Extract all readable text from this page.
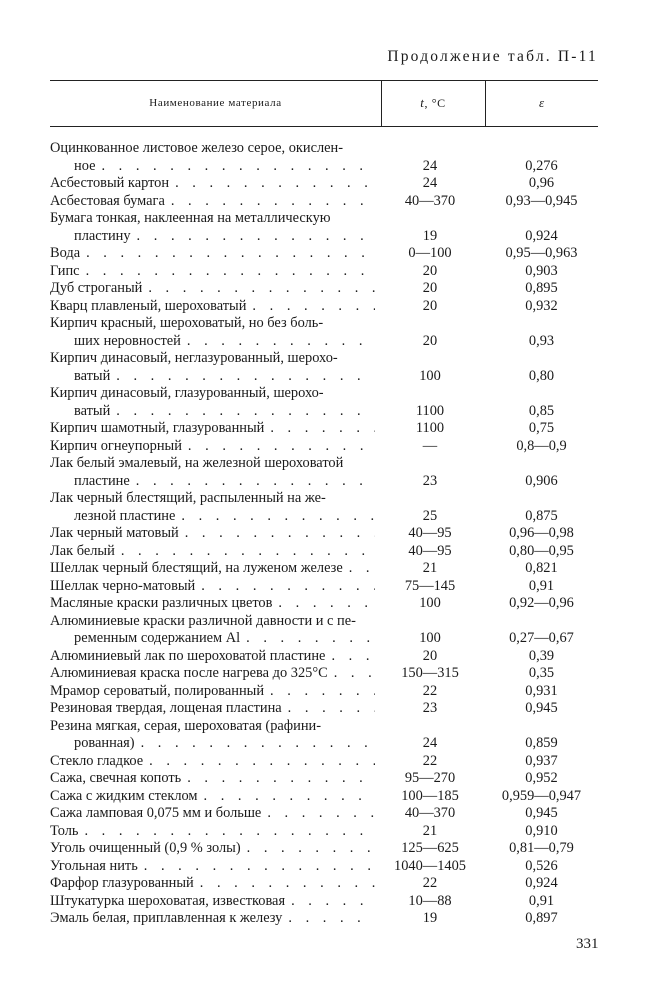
Продолжение табл. П-11
Наименование материала	t , °C	ε
Оцинкованное листовое железо серое, окислен-
ное . . .	24	0,276
Асбестовый картон . . .	24	0,96
Асбестовая бумага . . .	40—370	0,93—0,945
Бумага тонкая, наклеенная на металлическую
пластину . . .	19	0,924
Вода . . .	0—100	0,95—0,963
Гипс . . .	20	0,903
Дуб строганый . . .	20	0,895
Кварц плавленый, шероховатый . . .	20	0,932
Кирпич красный, шероховатый, но без боль-
ших неровностей . . .	20	0,93
Кирпич динасовый, неглазурованный, шерохо-
ватый . . .	100	0,80
Кирпич динасовый, глазурованный, шерохо-
ватый . . .	1100	0,85
Кирпич шамотный, глазурованный . . .	1100	0,75
Кирпич огнеупорный . . .	—	0,8—0,9
Лак белый эмалевый, на железной шероховатой
пластине . . .	23	0,906
Лак черный блестящий, распыленный на же-
лезной пластине . . .	25	0,875
Лак черный матовый . . .	40—95	0,96—0,98
Лак белый . . .	40—95	0,80—0,95
Шеллак черный блестящий, на луженом железе . . .	21	0,821
Шеллак черно-матовый . . .	75—145	0,91
Масляные краски различных цветов . . .	100	0,92—0,96
Алюминиевые краски различной давности и с пе-
ременным содержанием Al . . .	100	0,27—0,67
Алюминиевый лак по шероховатой пластине . . .	20	0,39
Алюминиевая краска после нагрева до 325°C . . .	150—315	0,35
Мрамор сероватый, полированный . . .	22	0,931
Резиновая твердая, лощеная пластина . . .	23	0,945
Резина мягкая, серая, шероховатая (рафини-
рованная) . . .	24	0,859
Стекло гладкое . . .	22	0,937
Сажа, свечная копоть . . .	95—270	0,952
Сажа с жидким стеклом . . .	100—185	0,959—0,947
Сажа ламповая 0,075 мм и больше . . .	40—370	0,945
Толь . . .	21	0,910
Уголь очищенный (0,9 % золы) . . .	125—625	0,81—0,79
Угольная нить . . .	1040—1405	0,526
Фарфор глазурованный . . .	22	0,924
Штукатурка шероховатая, известковая . . .	10—88	0,91
Эмаль белая, приплавленная к железу . . .	19	0,897
331
